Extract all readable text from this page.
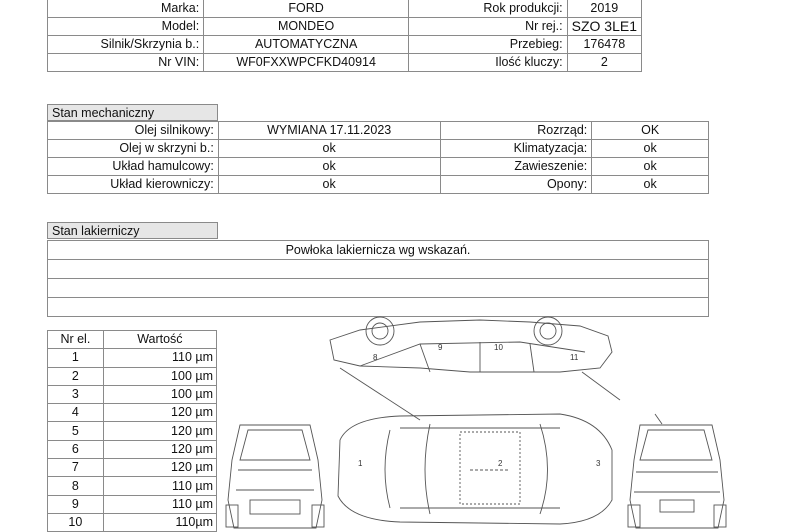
Marka:	FORD	Rok produkcji:	2019
Model:	MONDEO	Nr rej.:	SZO 3LE1
Silnik/Skrzynia b.:	AUTOMATYCZNA	Przebieg:	176478
Nr VIN:	WF0FXXWPCFKD40914	Ilość kluczy:	2
Stan mechaniczny
Olej silnikowy:	WYMIANA 17.11.2023	Rozrząd:	OK
Olej w skrzyni b.:	ok	Klimatyzacja:	ok
Układ hamulcowy:	ok	Zawieszenie:	ok
Układ kierowniczy:	ok	Opony:	ok
Stan lakierniczy
Powłoka lakiernicza wg wskazań.

Nr el.	Wartość
1	110 µm
2	100 µm
3	100 µm
4	120 µm
5	120 µm
6	120 µm
7	120 µm
8	110 µm
9	110 µm
10	110µm
1	2	3
8
9	10
11
